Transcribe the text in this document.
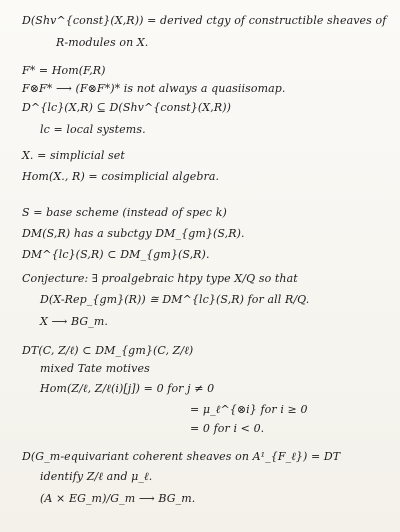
D(Shv^{const}(X,R)) = derived ctgy of constructible sheaves of
R-modules on X.
F* = Hom(F,R)
F⊗F* ⟶ (F⊗F*)* is not always a quasiisomap.
D^{lc}(X,R) ⊆ D(Shv^{const}(X,R))
lc = local systems.
X. = simplicial set
Hom(X., R) = cosimplicial algebra.
S = base scheme (instead of spec k)
DM(S,R) has a subctgy DM_{gm}(S,R).
DM^{lc}(S,R) ⊂ DM_{gm}(S,R).
Conjecture: ∃ proalgebraic htpy type X/Q so that
D(X-Rep_{gm}(R)) ≅ DM^{lc}(S,R) for all R/Q.
X ⟶ BG_m.
DT(C, Z/ℓ) ⊂ DM_{gm}(C, Z/ℓ)
mixed Tate motives
Hom(Z/ℓ, Z/ℓ(i)[j]) = 0 for j ≠ 0
= μ_ℓ^{⊗i} for i ≥ 0
= 0 for i < 0.
D(G_m-equivariant coherent sheaves on A¹_{F_ℓ}) = DT
identify Z/ℓ and μ_ℓ.
(A × EG_m)/G_m ⟶ BG_m.
